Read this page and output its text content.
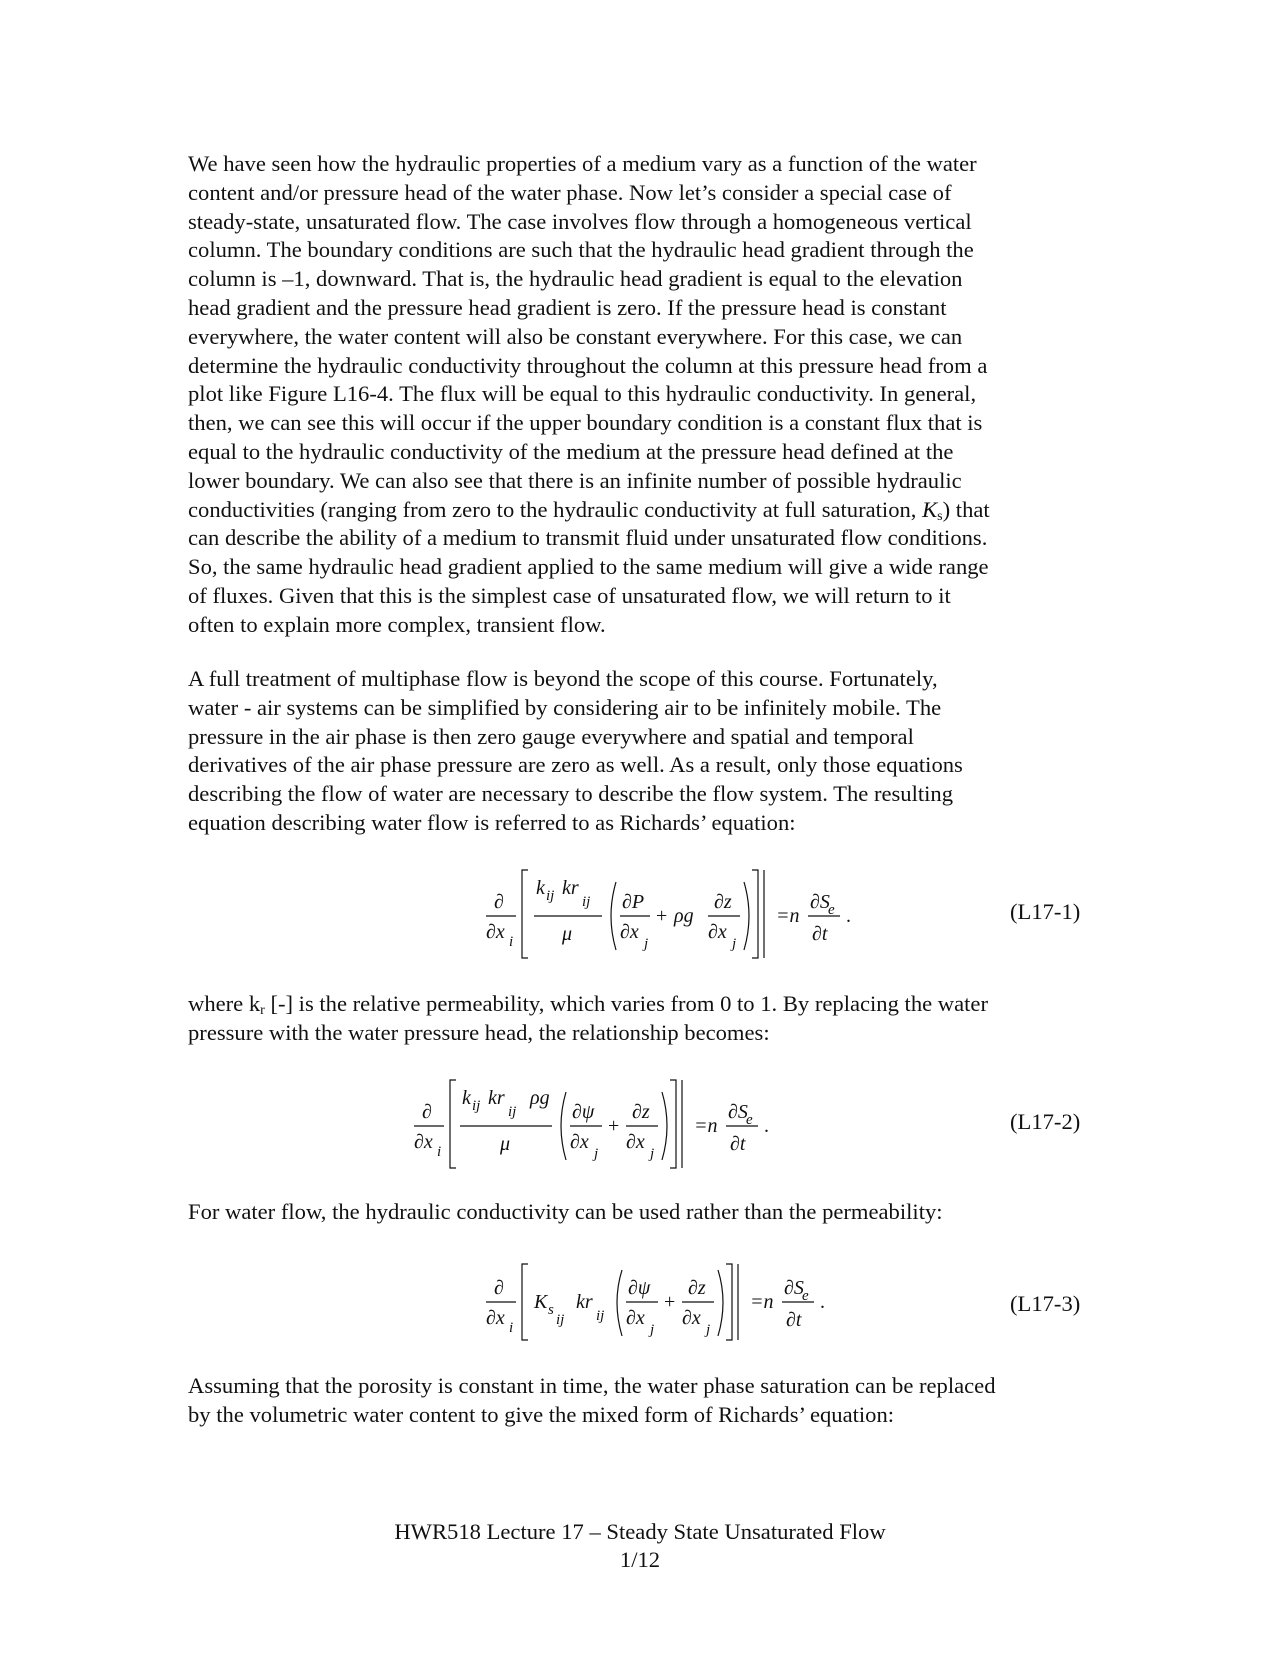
We have seen how the hydraulic properties of a medium vary as a function of the water
content and/or pressure head of the water phase. Now let’s consider a special case of
steady-state, unsaturated flow. The case involves flow through a homogeneous vertical
column. The boundary conditions are such that the hydraulic head gradient through the
column is –1, downward. That is, the hydraulic head gradient is equal to the elevation
head gradient and the pressure head gradient is zero. If the pressure head is constant
everywhere, the water content will also be constant everywhere. For this case, we can
determine the hydraulic conductivity throughout the column at this pressure head from a
plot like Figure L16-4. The flux will be equal to this hydraulic conductivity. In general,
then, we can see this will occur if the upper boundary condition is a constant flux that is
equal to the hydraulic conductivity of the medium at the pressure head defined at the
lower boundary. We can also see that there is an infinite number of possible hydraulic
conductivities (ranging from zero to the hydraulic conductivity at full saturation, $K_s$) that
can describe the ability of a medium to transmit fluid under unsaturated flow conditions.
So, the same hydraulic head gradient applied to the same medium will give a wide range
of fluxes. Given that this is the simplest case of unsaturated flow, we will return to it
often to explain more complex, transient flow.
A full treatment of multiphase flow is beyond the scope of this course. Fortunately,
water - air systems can be simplified by considering air to be infinitely mobile. The
pressure in the air phase is then zero gauge everywhere and spatial and temporal
derivatives of the air phase pressure are zero as well. As a result, only those equations
describing the flow of water are necessary to describe the flow system. The resulting
equation describing water flow is referred to as Richards’ equation:
∂
∂x i
k ij kr
ij
μ
∂P
∂x
j
+ ρg
∂z
∂x
j
=n
∂S
e
∂t
.	(L17-1)
where $k_r$ [-] is the relative permeability, which varies from 0 to 1. By replacing the water
pressure with the water pressure head, the relationship becomes:
∂
∂x i
k ij kr
ij
ρg
μ
∂ψ
∂x
j
+
∂z
∂x
j
=n
∂S
e
∂t
.	(L17-2)
For water flow, the hydraulic conductivity can be used rather than the permeability:
∂
∂x i
K s
ij
kr
ij
∂ψ
∂x
j
+
∂z
∂x
j
=n
∂S
e
∂t
.	(L17-3)
Assuming that the porosity is constant in time, the water phase saturation can be replaced
by the volumetric water content to give the mixed form of Richards’ equation:
HWR518 Lecture 17 – Steady State Unsaturated Flow
1/12
